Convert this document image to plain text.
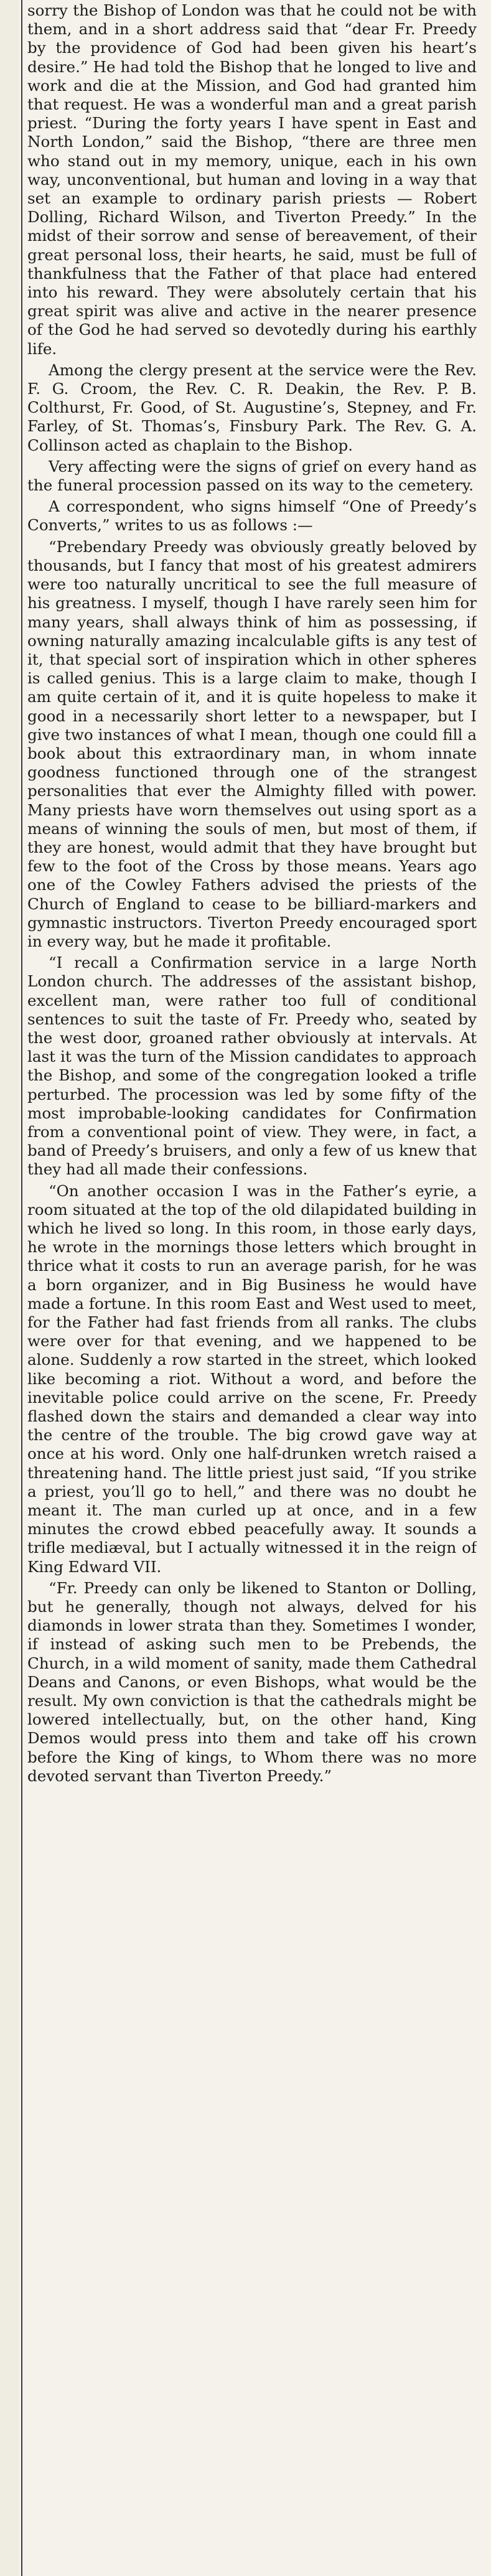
sorry the Bishop of London was that he could not be with them, and in a short address said that “dear Fr. Preedy by the providence of God had been given his heart’s desire.” He had told the Bishop that he longed to live and work and die at the Mission, and God had granted him that request. He was a wonderful man and a great parish priest. “During the forty years I have spent in East and North London,” said the Bishop, “there are three men who stand out in my memory, unique, each in his own way, unconventional, but human and loving in a way that set an example to ordinary parish priests — Robert Dolling, Richard Wilson, and Tiverton Preedy.” In the midst of their sorrow and sense of bereavement, of their great personal loss, their hearts, he said, must be full of thankfulness that the Father of that place had entered into his reward. They were absolutely certain that his great spirit was alive and active in the nearer presence of the God he had served so devotedly during his earthly life.

Among the clergy present at the service were the Rev. F. G. Croom, the Rev. C. R. Deakin, the Rev. P. B. Colthurst, Fr. Good, of St. Augustine’s, Stepney, and Fr. Farley, of St. Thomas’s, Finsbury Park. The Rev. G. A. Collinson acted as chaplain to the Bishop.

Very affecting were the signs of grief on every hand as the funeral procession passed on its way to the cemetery.

A correspondent, who signs himself “One of Preedy’s Converts,” writes to us as follows :—

“Prebendary Preedy was obviously greatly beloved by thousands, but I fancy that most of his greatest admirers were too naturally uncritical to see the full measure of his greatness. I myself, though I have rarely seen him for many years, shall always think of him as possessing, if owning naturally amazing incalculable gifts is any test of it, that special sort of inspiration which in other spheres is called genius. This is a large claim to make, though I am quite certain of it, and it is quite hopeless to make it good in a necessarily short letter to a newspaper, but I give two instances of what I mean, though one could fill a book about this extraordinary man, in whom innate goodness functioned through one of the strangest personalities that ever the Almighty filled with power. Many priests have worn themselves out using sport as a means of winning the souls of men, but most of them, if they are honest, would admit that they have brought but few to the foot of the Cross by those means. Years ago one of the Cowley Fathers advised the priests of the Church of England to cease to be billiard-markers and gymnastic instructors. Tiverton Preedy encouraged sport in every way, but he made it profitable.

“I recall a Confirmation service in a large North London church. The addresses of the assistant bishop, excellent man, were rather too full of conditional sentences to suit the taste of Fr. Preedy who, seated by the west door, groaned rather obviously at intervals. At last it was the turn of the Mission candidates to approach the Bishop, and some of the congregation looked a trifle perturbed. The procession was led by some fifty of the most improbable-looking candidates for Confirmation from a conventional point of view. They were, in fact, a band of Preedy’s bruisers, and only a few of us knew that they had all made their confessions.

“On another occasion I was in the Father’s eyrie, a room situated at the top of the old dilapidated building in which he lived so long. In this room, in those early days, he wrote in the mornings those letters which brought in thrice what it costs to run an average parish, for he was a born organizer, and in Big Business he would have made a fortune. In this room East and West used to meet, for the Father had fast friends from all ranks. The clubs were over for that evening, and we happened to be alone. Suddenly a row started in the street, which looked like becoming a riot. Without a word, and before the inevitable police could arrive on the scene, Fr. Preedy flashed down the stairs and demanded a clear way into the centre of the trouble. The big crowd gave way at once at his word. Only one half-drunken wretch raised a threatening hand. The little priest just said, “If you strike a priest, you’ll go to hell,” and there was no doubt he meant it. The man curled up at once, and in a few minutes the crowd ebbed peacefully away. It sounds a trifle mediæval, but I actually witnessed it in the reign of King Edward VII.

“Fr. Preedy can only be likened to Stanton or Dolling, but he generally, though not always, delved for his diamonds in lower strata than they. Sometimes I wonder, if instead of asking such men to be Prebends, the Church, in a wild moment of sanity, made them Cathedral Deans and Canons, or even Bishops, what would be the result. My own conviction is that the cathedrals might be lowered intellectually, but, on the other hand, King Demos would press into them and take off his crown before the King of kings, to Whom there was no more devoted servant than Tiverton Preedy.”
